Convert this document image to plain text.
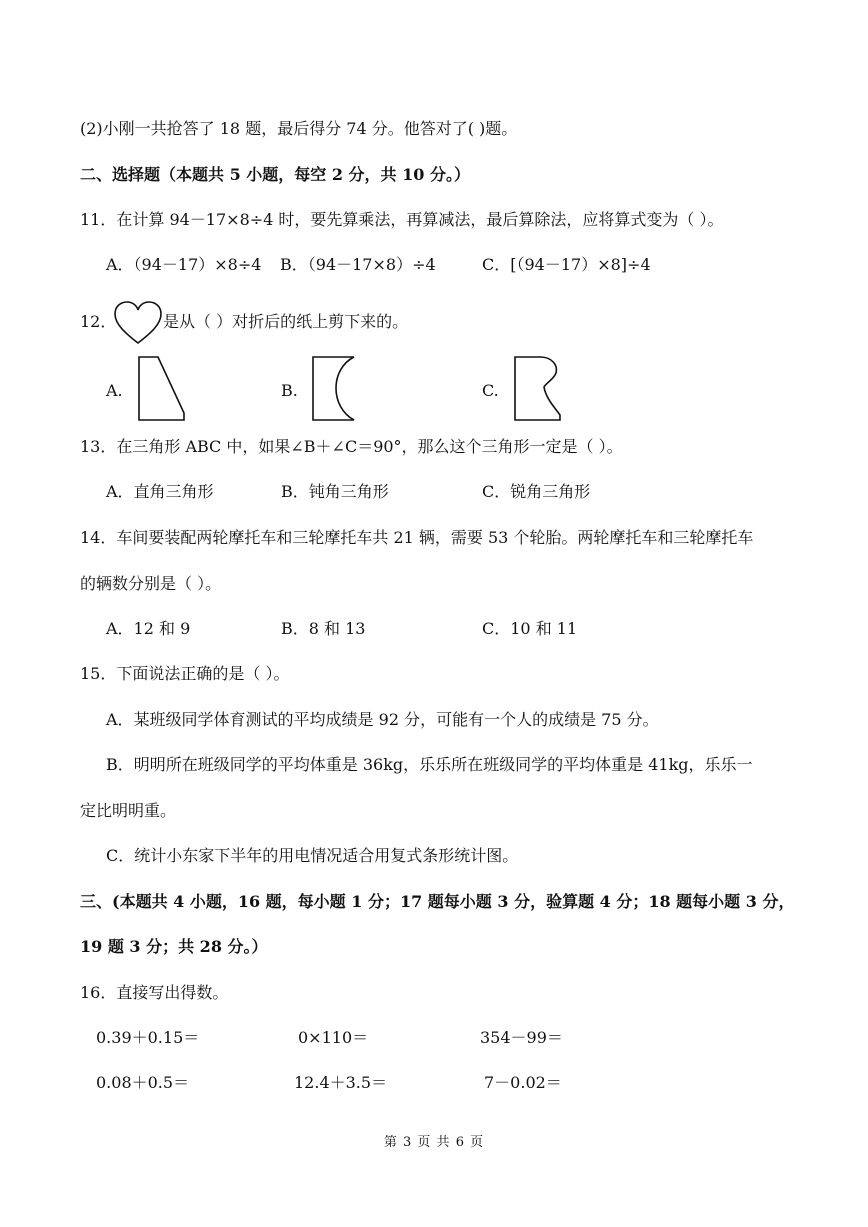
(2)小刚一共抢答了 18 题，最后得分 74 分。他答对了( )题。
二、选择题（本题共 5 小题，每空 2 分，共 10 分。）
11．在计算 94－17×8÷4 时，要先算乘法，再算减法，最后算除法，应将算式变为（ ）。
A．（94－17）×8÷4 B．（94－17×8）÷4	C．[（94－17）×8]÷4
12．	是从（ ）对折后的纸上剪下来的。
A.	B.	C.
13．在三角形 ABC 中，如果∠B＋∠C＝90°，那么这个三角形一定是（ ）。
A．直角三角形	B．钝角三角形	C．锐角三角形
14．车间要装配两轮摩托车和三轮摩托车共 21 辆，需要 53 个轮胎。两轮摩托车和三轮摩托车
的辆数分别是（ ）。
A．12 和 9	B．8 和 13	C．10 和 11
15．下面说法正确的是（ ）。
A．某班级同学体育测试的平均成绩是 92 分，可能有一个人的成绩是 75 分。
B．明明所在班级同学的平均体重是 36kg，乐乐所在班级同学的平均体重是 41kg，乐乐一
定比明明重。
C．统计小东家下半年的用电情况适合用复式条形统计图。
三、(本题共 4 小题，16 题，每小题 1 分；17 题每小题 3 分，验算题 4 分；18 题每小题 3 分，
19 题 3 分；共 28 分。）
16．直接写出得数。
0.39＋0.15＝	0×110＝	354－99＝
0.08＋0.5＝	12.4＋3.5＝	7－0.02＝
第 3 页 共 6 页
